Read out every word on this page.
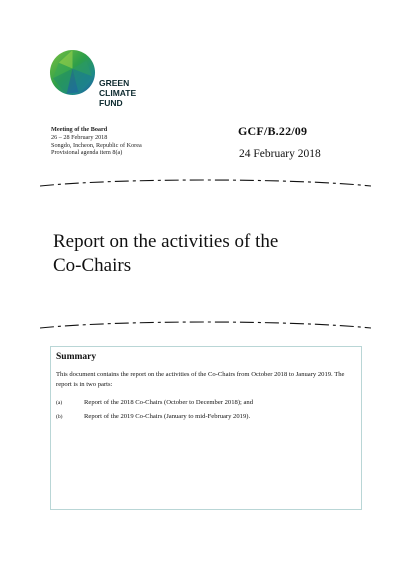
GREEN
CLIMATE
FUND
Meeting of the Board
26 – 28 February 2018
Songdo, Incheon, Republic of Korea
Provisional agenda item 8(a)
GCF/B.22/09
24 February 2018
Report on the activities of the
Co-Chairs
Summary
This document contains the report on the activities of the Co-Chairs from October 2018 to January 2019. The report is in two parts:
(a)	Report of the 2018 Co-Chairs (October to December 2018); and
(b)	Report of the 2019 Co-Chairs (January to mid-February 2019).
